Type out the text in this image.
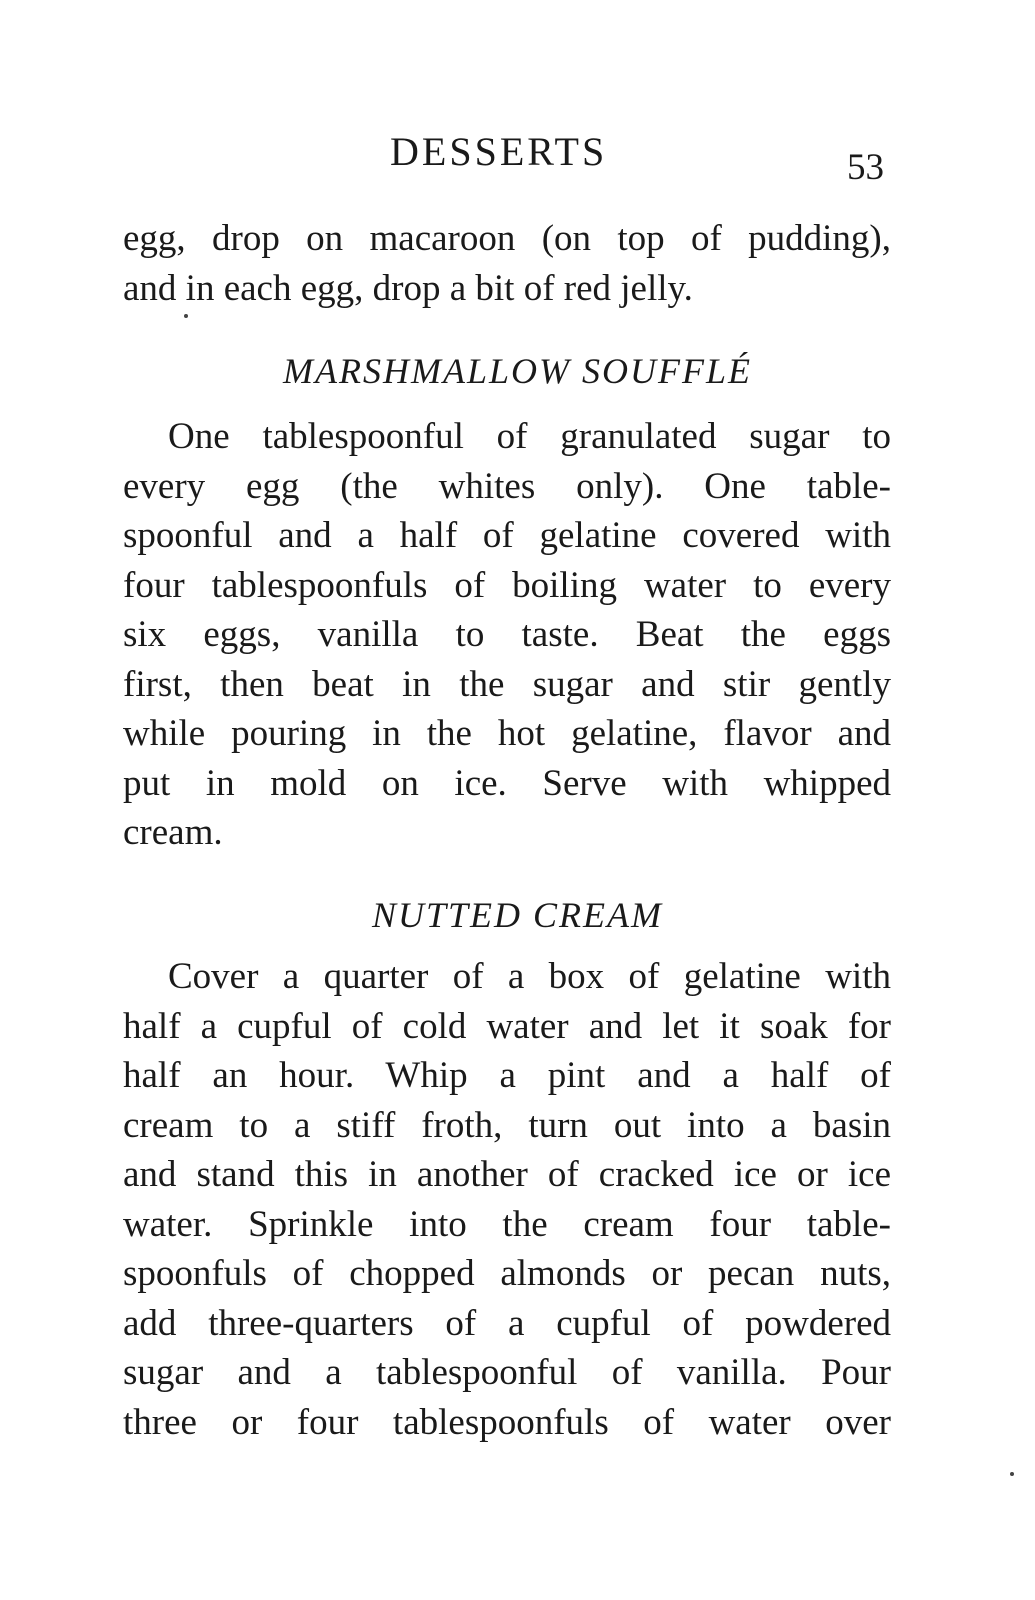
DESSERTS	53
egg, drop on macaroon (on top of pudding),
and in each egg, drop a bit of red jelly.
MARSHMALLOW SOUFFLÉ
One tablespoonful of granulated sugar to
every egg (the whites only). One table-
spoonful and a half of gelatine covered with
four tablespoonfuls of boiling water to every
six eggs, vanilla to taste. Beat the eggs
first, then beat in the sugar and stir gently
while pouring in the hot gelatine, flavor and
put in mold on ice. Serve with whipped
cream.
NUTTED CREAM
Cover a quarter of a box of gelatine with
half a cupful of cold water and let it soak for
half an hour. Whip a pint and a half of
cream to a stiff froth, turn out into a basin
and stand this in another of cracked ice or ice
water. Sprinkle into the cream four table-
spoonfuls of chopped almonds or pecan nuts,
add three-quarters of a cupful of powdered
sugar and a tablespoonful of vanilla. Pour
three or four tablespoonfuls of water over
